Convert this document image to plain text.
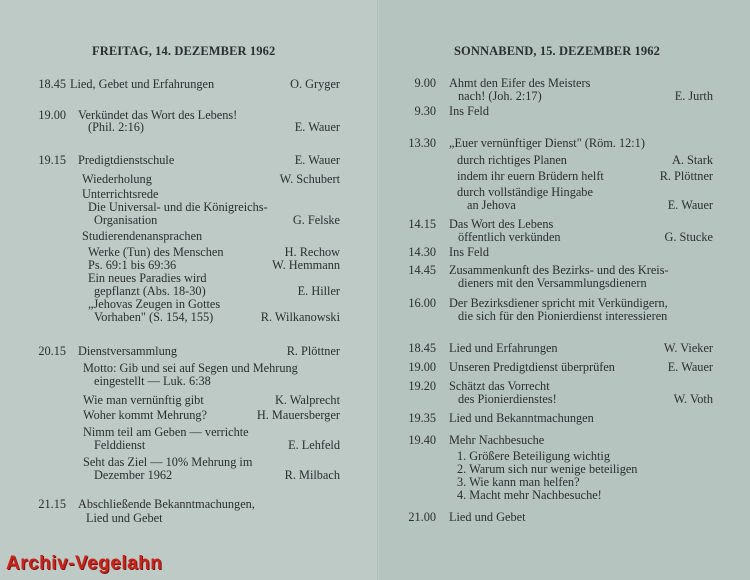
FREITAG, 14. DEZEMBER 1962	SONNABEND, 15. DEZEMBER 1962
18.45 Lied, Gebet und Erfahrungen	O. Gryger
19.00 Verkündet das Wort des Lebens!
(Phil. 2:16)	E. Wauer
19.15 Predigtdienstschule	E. Wauer
Wiederholung	W. Schubert
Unterrichtsrede
Die Universal- und die Königreichs-
Organisation	G. Felske
Studierendenansprachen
Werke (Tun) des Menschen	H. Rechow
Ps. 69:1 bis 69:36	W. Hemmann
Ein neues Paradies wird
gepflanzt (Abs. 18-30)	E. Hiller
„Jehovas Zeugen in Gottes
Vorhaben" (S. 154, 155)	R. Wilkanowski
20.15 Dienstversammlung	R. Plöttner
Motto: Gib und sei auf Segen und Mehrung
eingestellt — Luk. 6:38
Wie man vernünftig gibt	K. Walprecht
Woher kommt Mehrung?	H. Mauersberger
Nimm teil am Geben — verrichte
Felddienst	E. Lehfeld
Seht das Ziel — 10% Mehrung im
Dezember 1962	R. Milbach
21.15 Abschließende Bekanntmachungen,
Lied und Gebet
9.00 Ahmt den Eifer des Meisters
nach! (Joh. 2:17)	E. Jurth
9.30 Ins Feld
13.30 „Euer vernünftiger Dienst" (Röm. 12:1)
durch richtiges Planen	A. Stark
indem ihr euern Brüdern helft	R. Plöttner
durch vollständige Hingabe
an Jehova	E. Wauer
14.15 Das Wort des Lebens
öffentlich verkünden	G. Stucke
14.30 Ins Feld
14.45 Zusammenkunft des Bezirks- und des Kreis-
dieners mit den Versammlungsdienern
16.00 Der Bezirksdiener spricht mit Verkündigern,
die sich für den Pionierdienst interessieren
18.45 Lied und Erfahrungen	W. Vieker
19.00 Unseren Predigtdienst überprüfen	E. Wauer
19.20 Schätzt das Vorrecht
des Pionierdienstes!	W. Voth
19.35 Lied und Bekanntmachungen
19.40 Mehr Nachbesuche
1. Größere Beteiligung wichtig
2. Warum sich nur wenige beteiligen
3. Wie kann man helfen?
4. Macht mehr Nachbesuche!
21.00 Lied und Gebet
Archiv-Vegelahn
